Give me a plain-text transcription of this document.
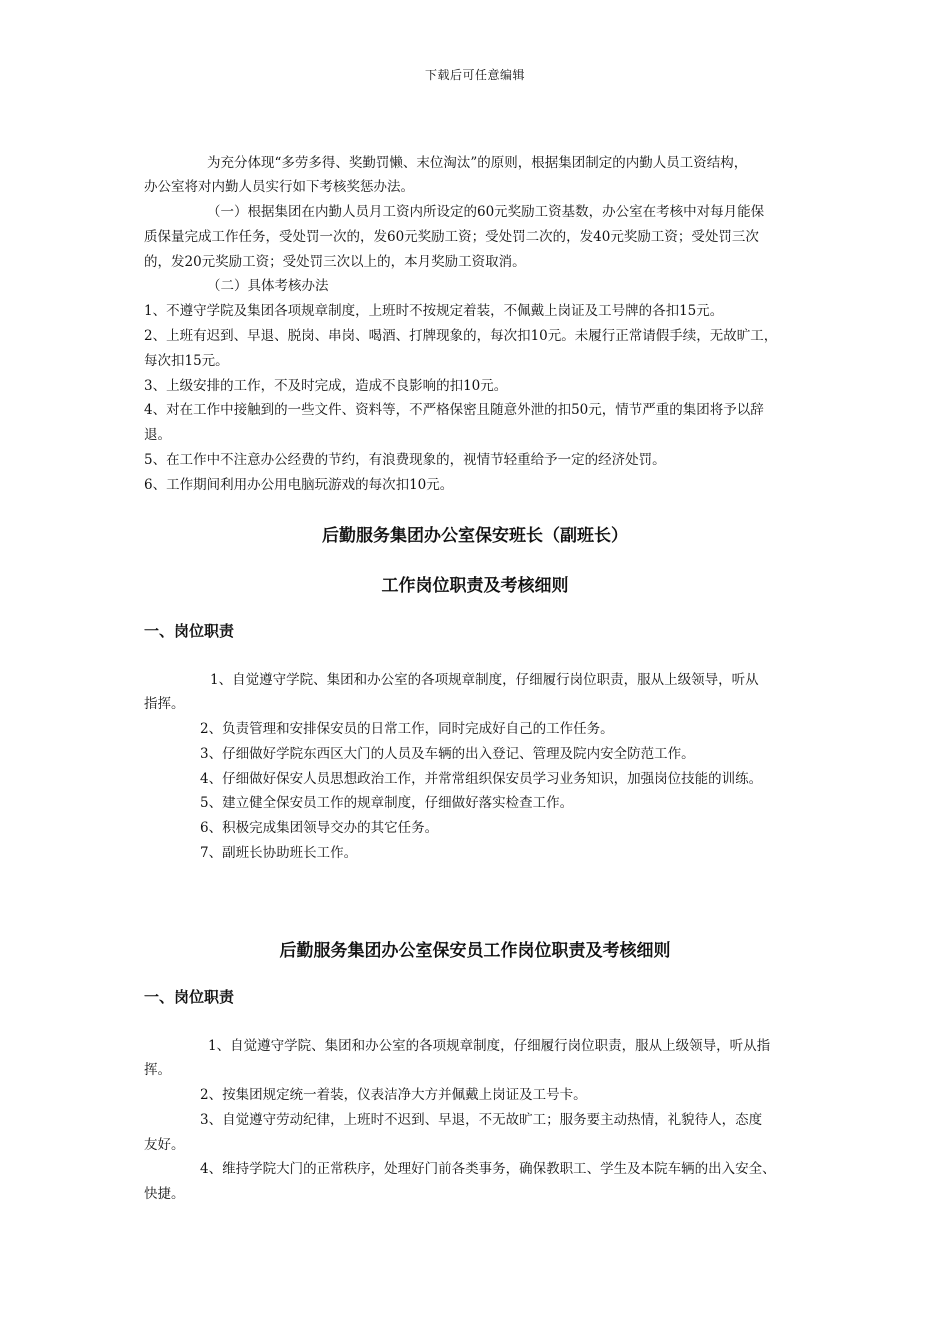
下载后可任意编辑
为充分体现“多劳多得、奖勤罚懒、末位淘汰”的原则，根据集团制定的内勤人员工资结构，
办公室将对内勤人员实行如下考核奖惩办法。
（一）根据集团在内勤人员月工资内所设定的60元奖励工资基数，办公室在考核中对每月能保
质保量完成工作任务，受处罚一次的，发60元奖励工资；受处罚二次的，发40元奖励工资；受处罚三次
的，发20元奖励工资；受处罚三次以上的，本月奖励工资取消。
（二）具体考核办法
1、不遵守学院及集团各项规章制度，上班时不按规定着装，不佩戴上岗证及工号牌的各扣15元。
2、上班有迟到、早退、脱岗、串岗、喝酒、打牌现象的，每次扣10元。未履行正常请假手续，无故旷工，
每次扣15元。
3、上级安排的工作，不及时完成，造成不良影响的扣10元。
4、对在工作中接触到的一些文件、资料等，不严格保密且随意外泄的扣50元，情节严重的集团将予以辞
退。
5、在工作中不注意办公经费的节约，有浪费现象的，视情节轻重给予一定的经济处罚。
6、工作期间利用办公用电脑玩游戏的每次扣10元。
后勤服务集团办公室保安班长（副班长）
工作岗位职责及考核细则
一、岗位职责
1、自觉遵守学院、集团和办公室的各项规章制度，仔细履行岗位职责，服从上级领导，听从
指挥。
2、负责管理和安排保安员的日常工作，同时完成好自己的工作任务。
3、仔细做好学院东西区大门的人员及车辆的出入登记、管理及院内安全防范工作。
4、仔细做好保安人员思想政治工作，并常常组织保安员学习业务知识，加强岗位技能的训练。
5、建立健全保安员工作的规章制度，仔细做好落实检查工作。
6、积极完成集团领导交办的其它任务。
7、副班长协助班长工作。
后勤服务集团办公室保安员工作岗位职责及考核细则
一、岗位职责
1、自觉遵守学院、集团和办公室的各项规章制度，仔细履行岗位职责，服从上级领导，听从指
挥。
2、按集团规定统一着装，仪表洁净大方并佩戴上岗证及工号卡。
3、自觉遵守劳动纪律，上班时不迟到、早退，不无故旷工；服务要主动热情，礼貌待人，态度
友好。
4、维持学院大门的正常秩序，处理好门前各类事务，确保教职工、学生及本院车辆的出入安全、
快捷。
